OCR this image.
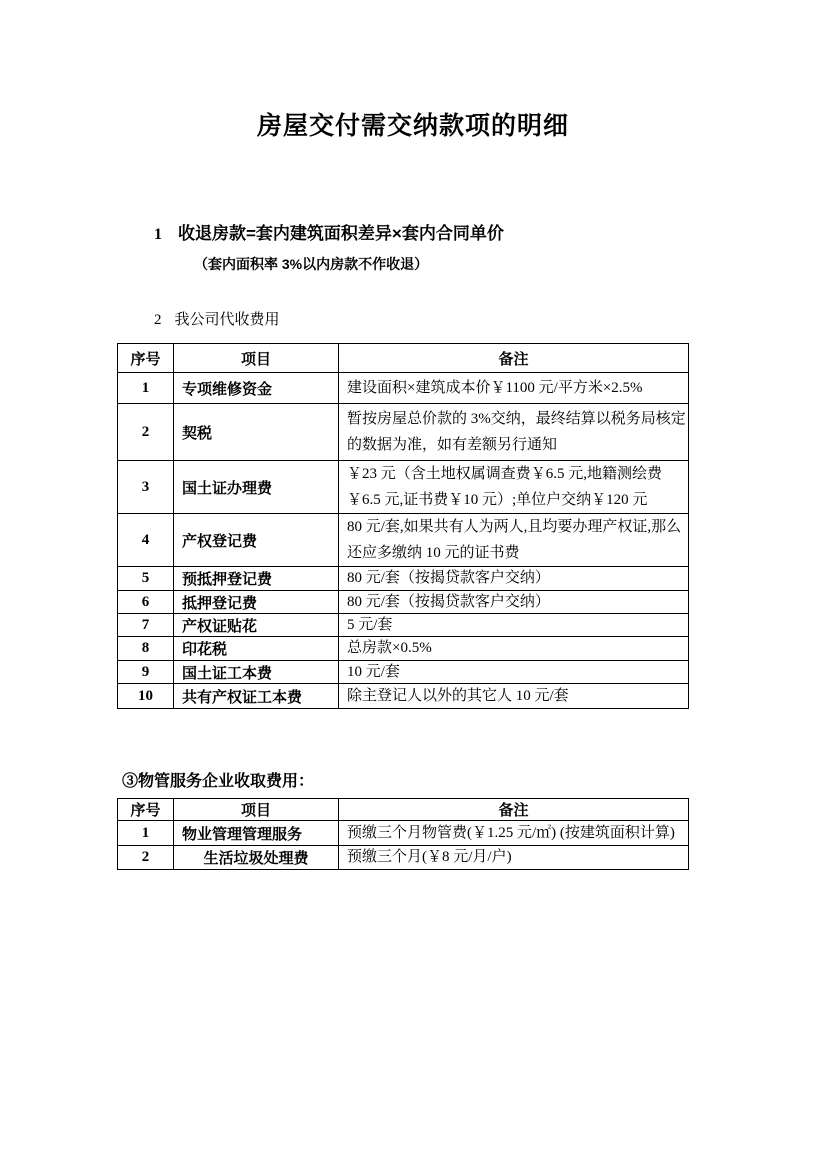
房屋交付需交纳款项的明细
1 收退房款=套内建筑面积差异×套内合同单价
（套内面积率 3%以内房款不作收退）
2 我公司代收费用
序号	项目	备注
1	专项维修资金	建设面积×建筑成本价￥1100 元/平方米×2.5%
2	契税	暂按房屋总价款的 3%交纳，最终结算以税务局核定的数据为准，如有差额另行通知
3	国土证办理费	￥23 元（含土地权属调查费￥6.5 元,地籍测绘费￥6.5 元,证书费￥10 元）;单位户交纳￥120 元
4	产权登记费	80 元/套,如果共有人为两人,且均要办理产权证,那么还应多缴纳 10 元的证书费
5	预抵押登记费	80 元/套（按揭贷款客户交纳）
6	抵押登记费	80 元/套（按揭贷款客户交纳）
7	产权证贴花	5 元/套
8	印花税	总房款×0.5%
9	国土证工本费	10 元/套
10	共有产权证工本费	除主登记人以外的其它人 10 元/套
③物管服务企业收取费用：
序号	项目	备注
1	物业管理管理服务	预缴三个月物管费(￥1.25 元/㎡) (按建筑面积计算)
2	生活垃圾处理费	预缴三个月(￥8 元/月/户)
